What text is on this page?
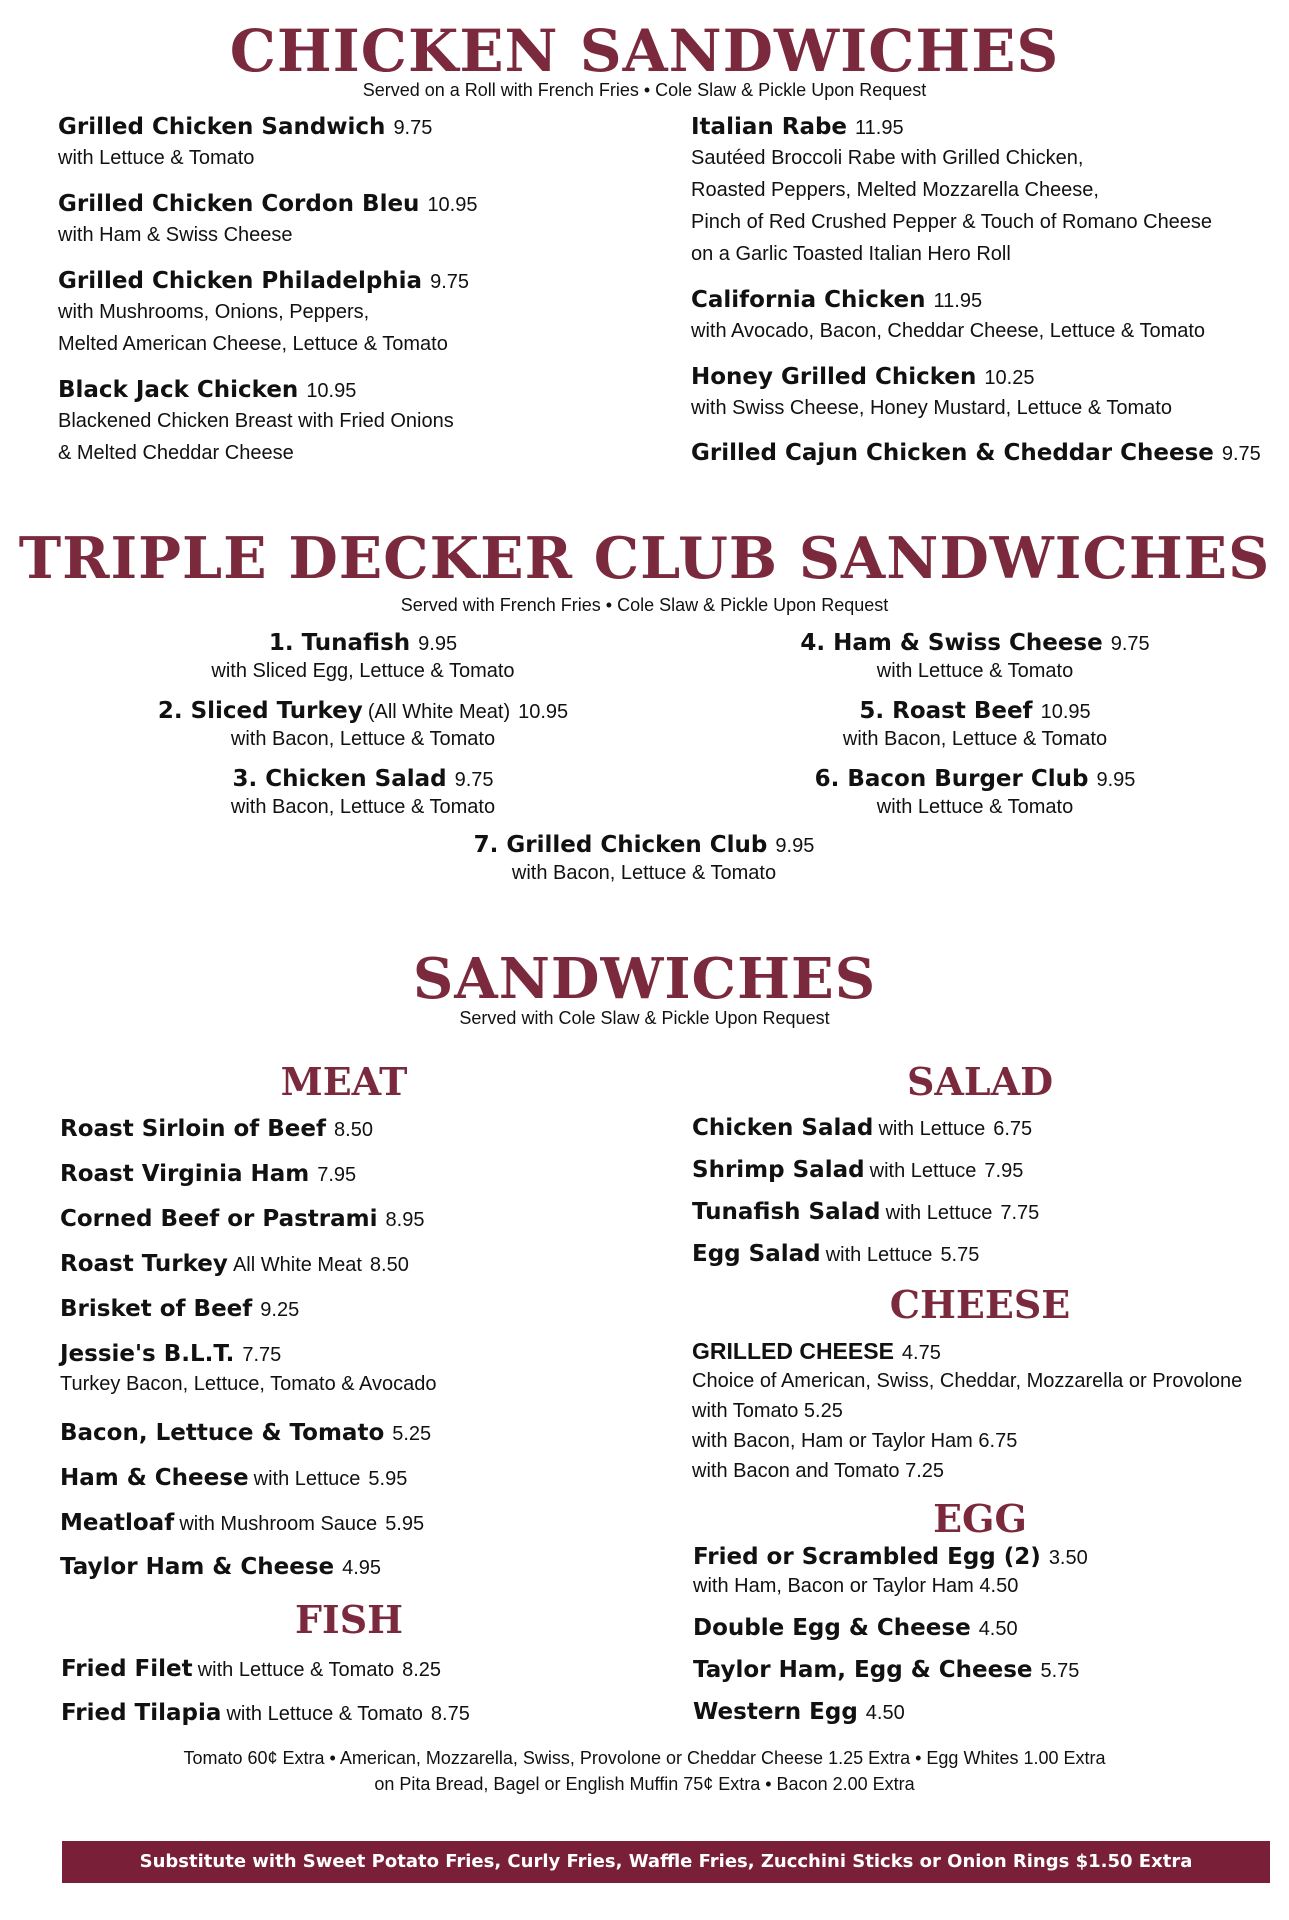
CHICKEN SANDWICHES
Served on a Roll with French Fries • Cole Slaw & Pickle Upon Request
Grilled Chicken Sandwich 9.75
with Lettuce & Tomato
Grilled Chicken Cordon Bleu 10.95
with Ham & Swiss Cheese
Grilled Chicken Philadelphia 9.75
with Mushrooms, Onions, Peppers,
Melted American Cheese, Lettuce & Tomato
Black Jack Chicken 10.95
Blackened Chicken Breast with Fried Onions
& Melted Cheddar Cheese
Italian Rabe 11.95
Sautéed Broccoli Rabe with Grilled Chicken,
Roasted Peppers, Melted Mozzarella Cheese,
Pinch of Red Crushed Pepper & Touch of Romano Cheese
on a Garlic Toasted Italian Hero Roll
California Chicken 11.95
with Avocado, Bacon, Cheddar Cheese, Lettuce & Tomato
Honey Grilled Chicken 10.25
with Swiss Cheese, Honey Mustard, Lettuce & Tomato
Grilled Cajun Chicken & Cheddar Cheese 9.75
TRIPLE DECKER CLUB SANDWICHES
Served with French Fries • Cole Slaw & Pickle Upon Request
1. Tunafish 9.95
with Sliced Egg, Lettuce & Tomato
2. Sliced Turkey (All White Meat) 10.95
with Bacon, Lettuce & Tomato
3. Chicken Salad 9.75
with Bacon, Lettuce & Tomato
4. Ham & Swiss Cheese 9.75
with Lettuce & Tomato
5. Roast Beef 10.95
with Bacon, Lettuce & Tomato
6. Bacon Burger Club 9.95
with Lettuce & Tomato
7. Grilled Chicken Club 9.95
with Bacon, Lettuce & Tomato
SANDWICHES
Served with Cole Slaw & Pickle Upon Request
MEAT
Roast Sirloin of Beef 8.50
Roast Virginia Ham 7.95
Corned Beef or Pastrami 8.95
Roast Turkey All White Meat 8.50
Brisket of Beef 9.25
Jessie's B.L.T. 7.75
Turkey Bacon, Lettuce, Tomato & Avocado
Bacon, Lettuce & Tomato 5.25
Ham & Cheese with Lettuce 5.95
Meatloaf with Mushroom Sauce 5.95
Taylor Ham & Cheese 4.95
FISH
Fried Filet with Lettuce & Tomato 8.25
Fried Tilapia with Lettuce & Tomato 8.75
SALAD
Chicken Salad with Lettuce 6.75
Shrimp Salad with Lettuce 7.95
Tunafish Salad with Lettuce 7.75
Egg Salad with Lettuce 5.75
CHEESE
GRILLED CHEESE 4.75
Choice of American, Swiss, Cheddar, Mozzarella or Provolone
with Tomato 5.25
with Bacon, Ham or Taylor Ham 6.75
with Bacon and Tomato 7.25
EGG
Fried or Scrambled Egg (2) 3.50
with Ham, Bacon or Taylor Ham 4.50
Double Egg & Cheese 4.50
Taylor Ham, Egg & Cheese 5.75
Western Egg 4.50
Tomato 60¢ Extra • American, Mozzarella, Swiss, Provolone or Cheddar Cheese 1.25 Extra • Egg Whites 1.00 Extra
on Pita Bread, Bagel or English Muffin 75¢ Extra • Bacon 2.00 Extra
Substitute with Sweet Potato Fries, Curly Fries, Waffle Fries, Zucchini Sticks or Onion Rings $1.50 Extra
